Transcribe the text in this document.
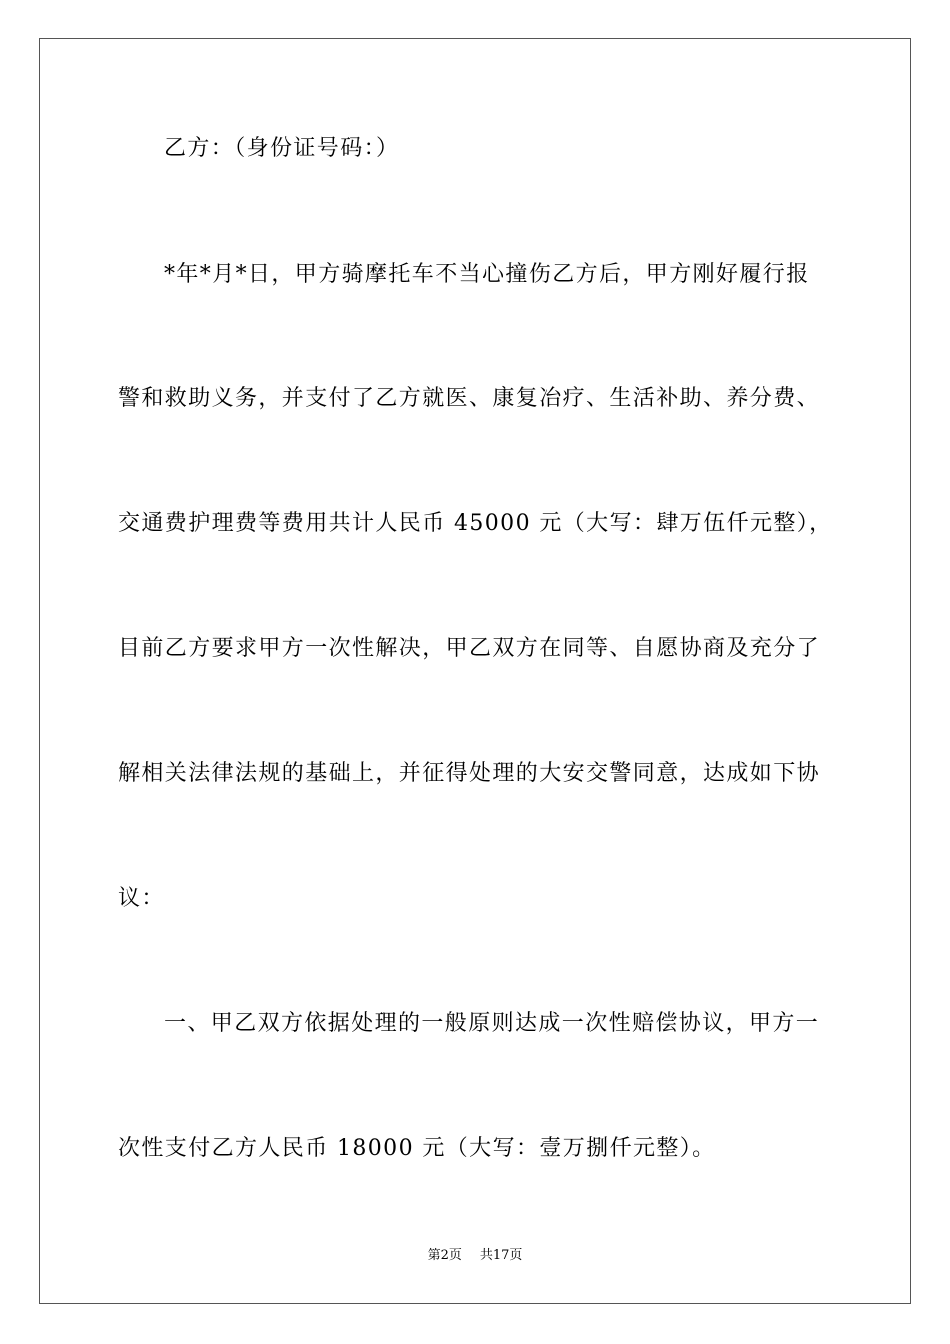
乙方：（身份证号码：）
*年*月*日，甲方骑摩托车不当心撞伤乙方后，甲方刚好履行报
警和救助义务，并支付了乙方就医、康复冶疗、生活补助、养分费、
交通费护理费等费用共计人民币 45000 元（大写：肆万伍仟元整），
目前乙方要求甲方一次性解决，甲乙双方在同等、自愿协商及充分了
解相关法律法规的基础上，并征得处理的大安交警同意，达成如下协
议：
一、甲乙双方依据处理的一般原则达成一次性赔偿协议，甲方一
次性支付乙方人民币 18000 元（大写：壹万捌仟元整）。
第2页 共17页
